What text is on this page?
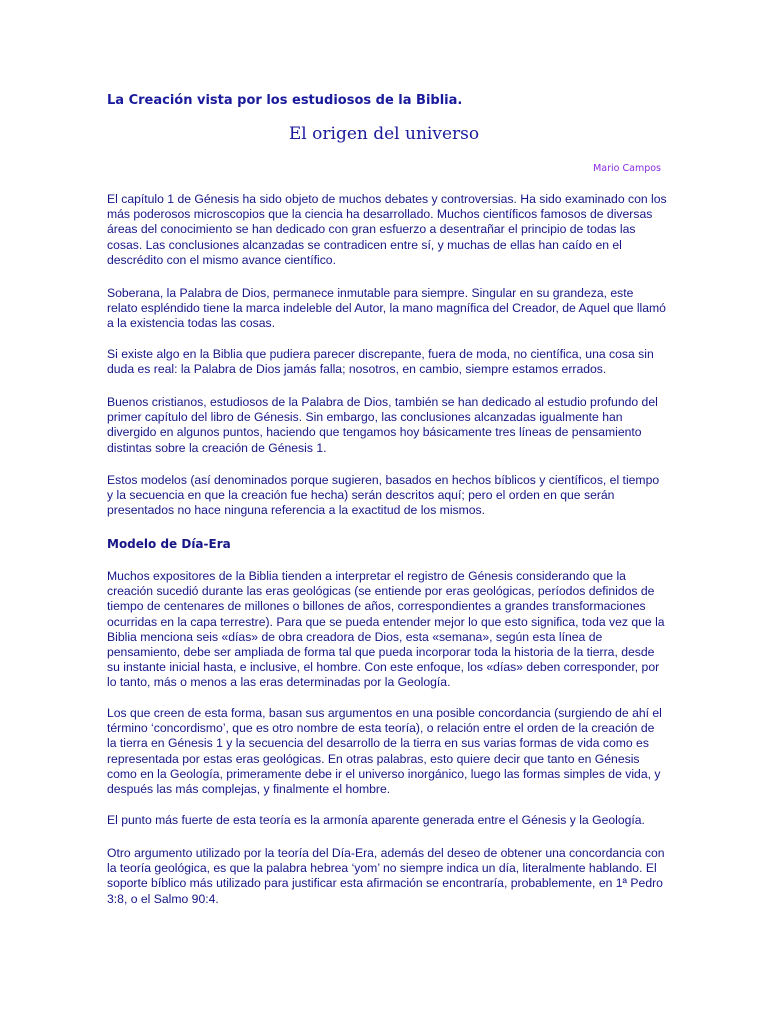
La Creación vista por los estudiosos de la Biblia.
El origen del universo

Mario Campos

El capítulo 1 de Génesis ha sido objeto de muchos debates y controversias. Ha sido examinado con los más poderosos microscopios que la ciencia ha desarrollado. Muchos científicos famosos de diversas áreas del conocimiento se han dedicado con gran esfuerzo a desentrañar el principio de todas las cosas. Las conclusiones alcanzadas se contradicen entre sí, y muchas de ellas han caído en el descrédito con el mismo avance científico.

Soberana, la Palabra de Dios, permanece inmutable para siempre. Singular en su grandeza, este relato espléndido tiene la marca indeleble del Autor, la mano magnífica del Creador, de Aquel que llamó a la existencia todas las cosas.

Si existe algo en la Biblia que pudiera parecer discrepante, fuera de moda, no científica, una cosa sin duda es real: la Palabra de Dios jamás falla; nosotros, en cambio, siempre estamos errados.

Buenos cristianos, estudiosos de la Palabra de Dios, también se han dedicado al estudio profundo del primer capítulo del libro de Génesis. Sin embargo, las conclusiones alcanzadas igualmente han divergido en algunos puntos, haciendo que tengamos hoy básicamente tres líneas de pensamiento distintas sobre la creación de Génesis 1.

Estos modelos (así denominados porque sugieren, basados en hechos bíblicos y científicos, el tiempo y la secuencia en que la creación fue hecha) serán descritos aquí; pero el orden en que serán presentados no hace ninguna referencia a la exactitud de los mismos.

Modelo de Día-Era

Muchos expositores de la Biblia tienden a interpretar el registro de Génesis considerando que la creación sucedió durante las eras geológicas (se entiende por eras geológicas, períodos definidos de tiempo de centenares de millones o billones de años, correspondientes a grandes transformaciones ocurridas en la capa terrestre). Para que se pueda entender mejor lo que esto significa, toda vez que la Biblia menciona seis «días» de obra creadora de Dios, esta «semana», según esta línea de pensamiento, debe ser ampliada de forma tal que pueda incorporar toda la historia de la tierra, desde su instante inicial hasta, e inclusive, el hombre. Con este enfoque, los «días» deben corresponder, por lo tanto, más o menos a las eras determinadas por la Geología.

Los que creen de esta forma, basan sus argumentos en una posible concordancia (surgiendo de ahí el término ‘concordismo’, que es otro nombre de esta teoría), o relación entre el orden de la creación de la tierra en Génesis 1 y la secuencia del desarrollo de la tierra en sus varias formas de vida como es representada por estas eras geológicas. En otras palabras, esto quiere decir que tanto en Génesis como en la Geología, primeramente debe ir el universo inorgánico, luego las formas simples de vida, y después las más complejas, y finalmente el hombre.

El punto más fuerte de esta teoría es la armonía aparente generada entre el Génesis y la Geología.

Otro argumento utilizado por la teoría del Día-Era, además del deseo de obtener una concordancia con la teoría geológica, es que la palabra hebrea ‘yom’ no siempre indica un día, literalmente hablando. El soporte bíblico más utilizado para justificar esta afirmación se encontraría, probablemente, en 1ª Pedro 3:8, o el Salmo 90:4.
